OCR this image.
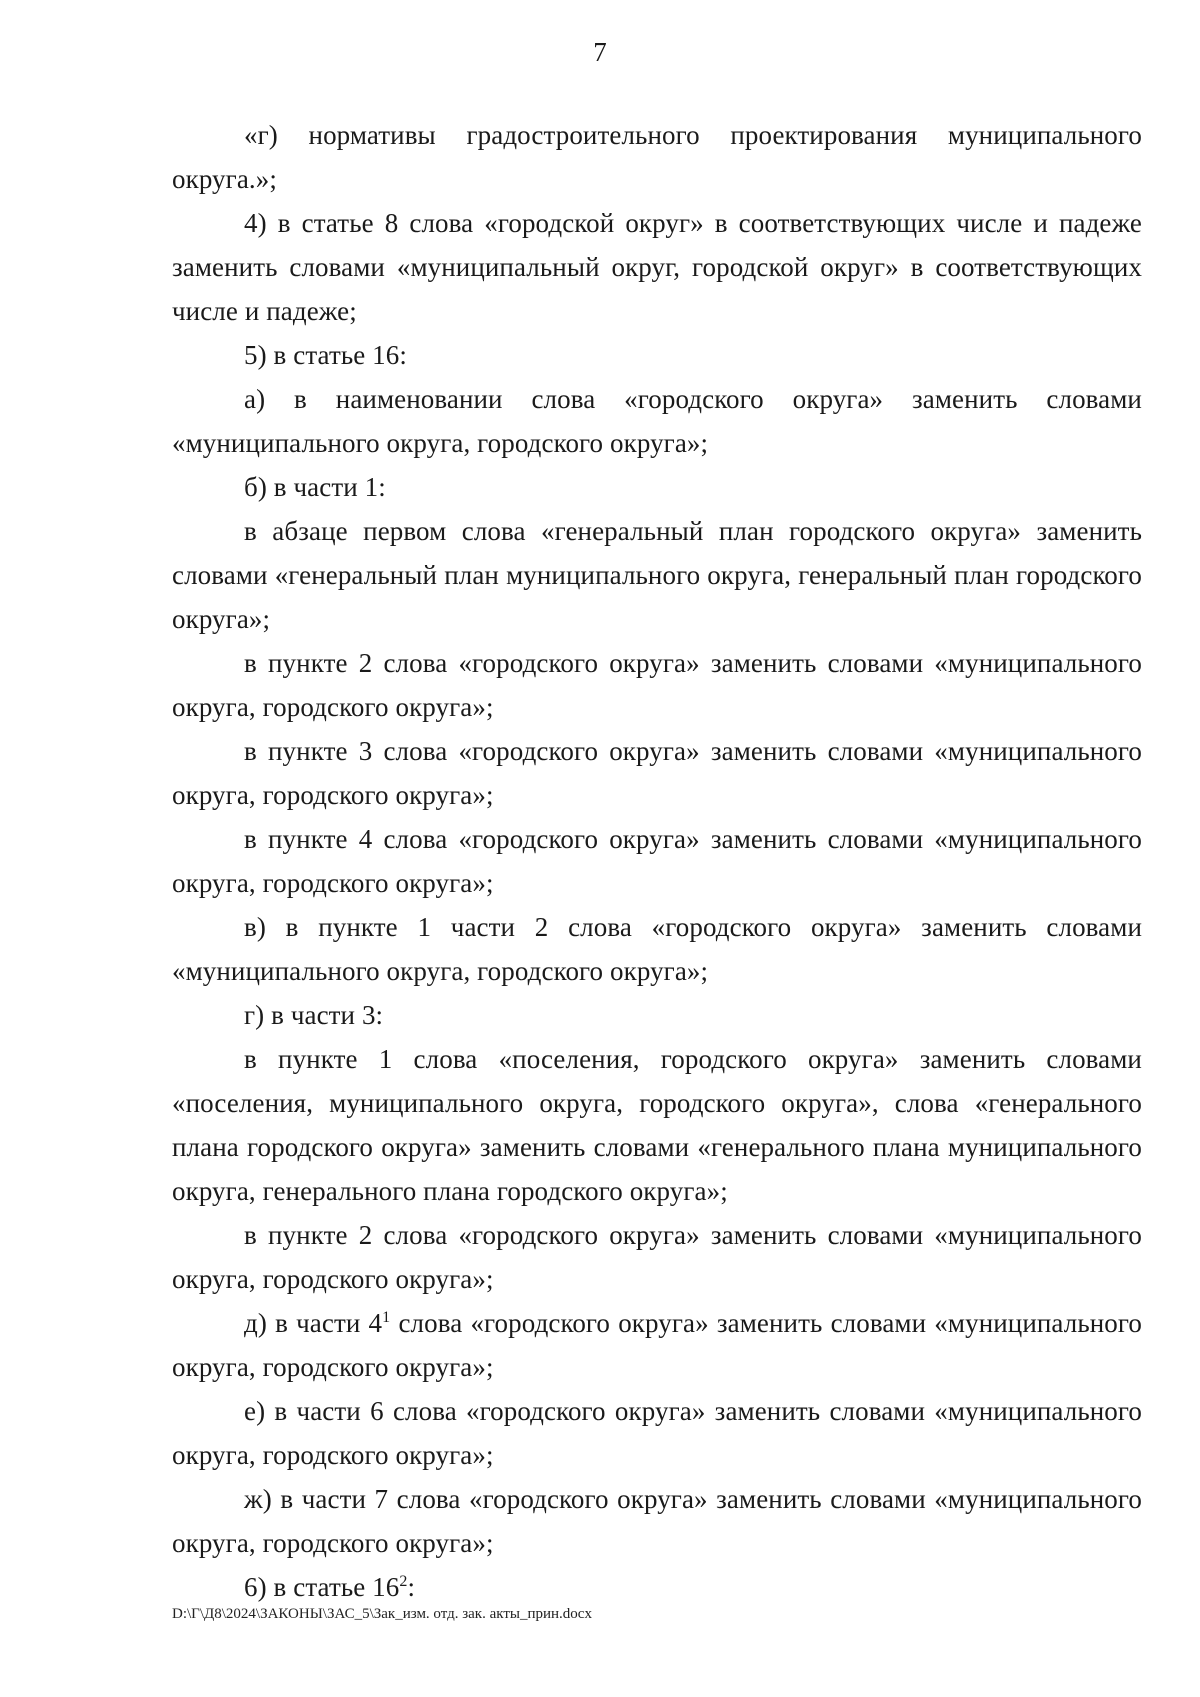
7

«г) нормативы градостроительного проектирования муниципального округа.»;

4) в статье 8 слова «городской округ» в соответствующих числе и падеже заменить словами «муниципальный округ, городской округ» в соответствующих числе и падеже;

5) в статье 16:

а) в наименовании слова «городского округа» заменить словами «муниципального округа, городского округа»;

б) в части 1:

в абзаце первом слова «генеральный план городского округа» заменить словами «генеральный план муниципального округа, генеральный план городского округа»;

в пункте 2 слова «городского округа» заменить словами «муниципального округа, городского округа»;

в пункте 3 слова «городского округа» заменить словами «муниципального округа, городского округа»;

в пункте 4 слова «городского округа» заменить словами «муниципального округа, городского округа»;

в) в пункте 1 части 2 слова «городского округа» заменить словами «муниципального округа, городского округа»;

г) в части 3:

в пункте 1 слова «поселения, городского округа» заменить словами «поселения, муниципального округа, городского округа», слова «генерального плана городского округа» заменить словами «генерального плана муниципального округа, генерального плана городского округа»;

в пункте 2 слова «городского округа» заменить словами «муниципального округа, городского округа»;

д) в части $4^1$ слова «городского округа» заменить словами «муниципального округа, городского округа»;

е) в части 6 слова «городского округа» заменить словами «муниципального округа, городского округа»;

ж) в части 7 слова «городского округа» заменить словами «муниципального округа, городского округа»;

6) в статье $16^2$:

D:\Г\Д8\2024\ЗАКОНЫ\ЗАС_5\Зак_изм. отд. зак. акты_прин.docx
